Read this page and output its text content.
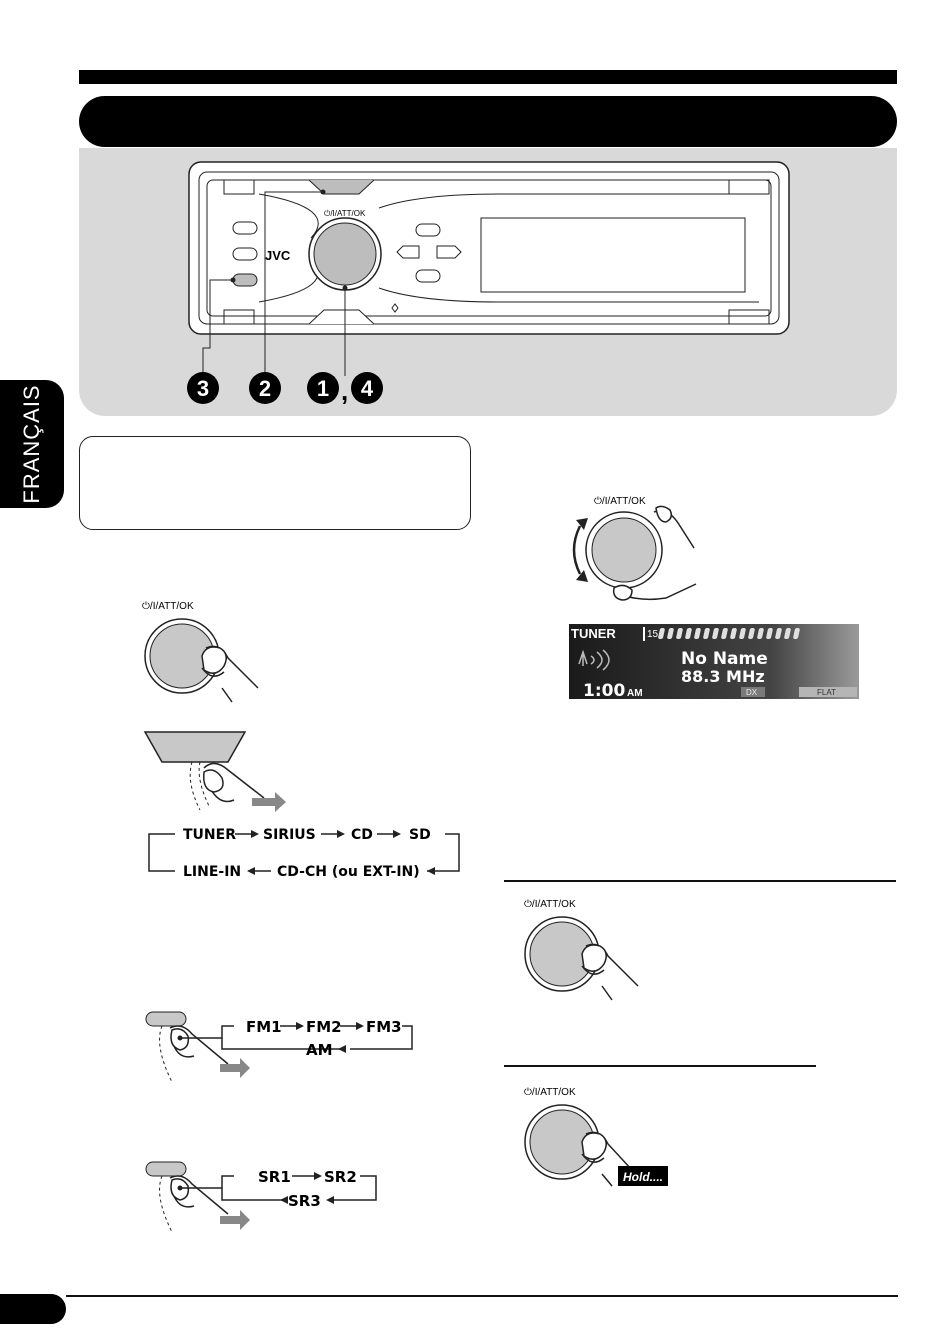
JVC
⏻/I/ATT/OK
3 2 1 , 4
FRANÇAIS
⏻/I/ATT/OK
TUNER SIRIUS	CD	SD
LINE-IN	CD-CH (ou EXT-IN)
FM1 FM2 FM3
AM
SR1 SR2
SR3
⏻/I/ATT/OK
TUNER	15
No Name
88.3 MHz
1:00 AM	DX	FLAT
⏻/I/ATT/OK
⏻/I/ATT/OK
Hold....
